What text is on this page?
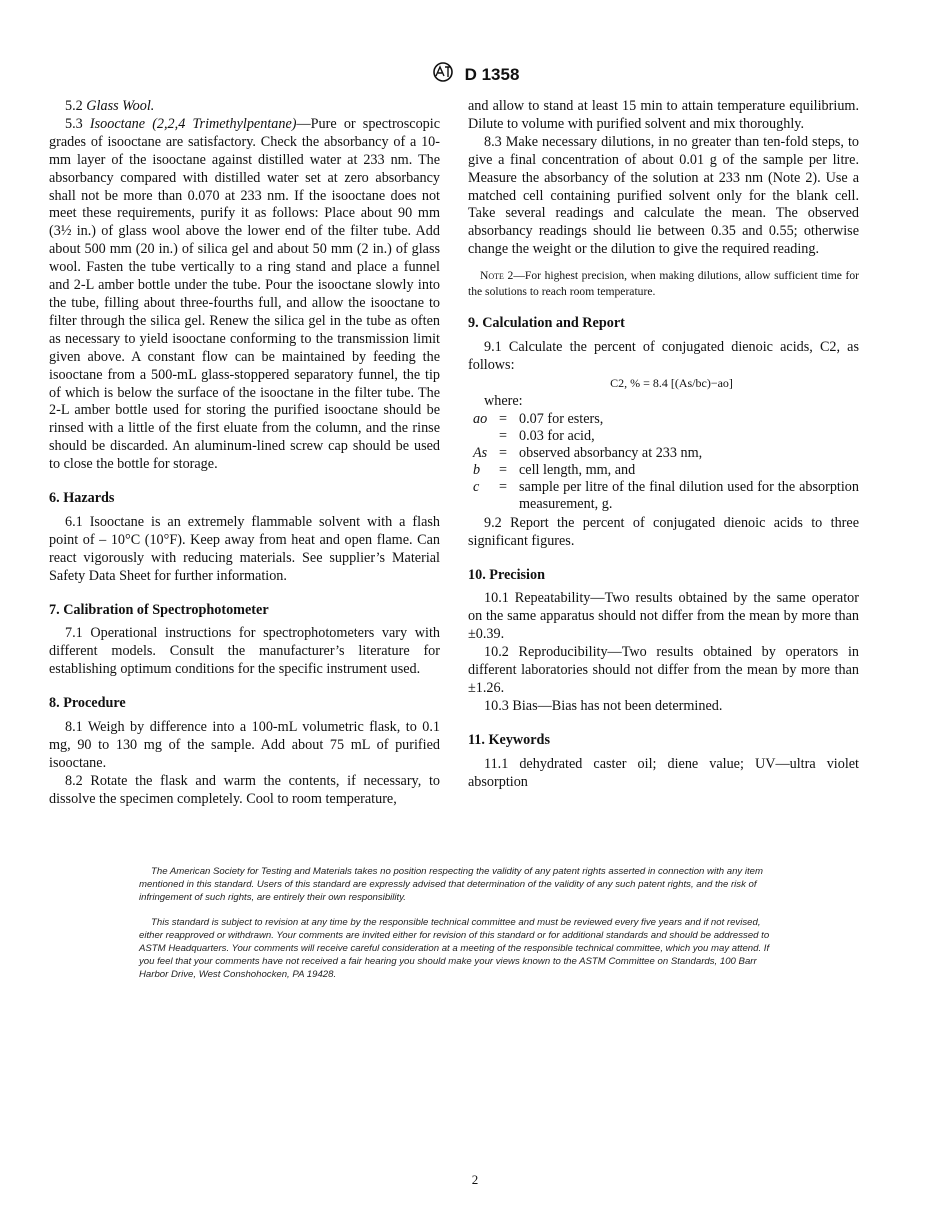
D 1358

5.2 Glass Wool.

5.3 Isooctane (2,2,4 Trimethylpentane)—Pure or spectroscopic grades of isooctane are satisfactory. Check the absorbancy of a 10-mm layer of the isooctane against distilled water at 233 nm. The absorbancy compared with distilled water set at zero absorbancy shall not be more than 0.070 at 233 nm. If the isooctane does not meet these requirements, purify it as follows: Place about 90 mm (3½ in.) of glass wool above the lower end of the filter tube. Add about 500 mm (20 in.) of silica gel and about 50 mm (2 in.) of glass wool. Fasten the tube vertically to a ring stand and place a funnel and 2-L amber bottle under the tube. Pour the isooctane slowly into the tube, filling about three-fourths full, and allow the isooctane to filter through the silica gel. Renew the silica gel in the tube as often as necessary to yield isooctane conforming to the transmission limit given above. A constant flow can be maintained by feeding the isooctane from a 500-mL glass-stoppered separatory funnel, the tip of which is below the surface of the isooctane in the filter tube. The 2-L amber bottle used for storing the purified isooctane should be rinsed with a little of the first eluate from the column, and the rinse should be discarded. An aluminum-lined screw cap should be used to close the bottle for storage.

6. Hazards

6.1 Isooctane is an extremely flammable solvent with a flash point of – 10°C (10°F). Keep away from heat and open flame. Can react vigorously with reducing materials. See supplier’s Material Safety Data Sheet for further information.

7. Calibration of Spectrophotometer

7.1 Operational instructions for spectrophotometers vary with different models. Consult the manufacturer’s literature for establishing optimum conditions for the specific instrument used.

8. Procedure

8.1 Weigh by difference into a 100-mL volumetric flask, to 0.1 mg, 90 to 130 mg of the sample. Add about 75 mL of purified isooctane.

8.2 Rotate the flask and warm the contents, if necessary, to dissolve the specimen completely. Cool to room temperature,

and allow to stand at least 15 min to attain temperature equilibrium. Dilute to volume with purified solvent and mix thoroughly.

8.3 Make necessary dilutions, in no greater than ten-fold steps, to give a final concentration of about 0.01 g of the sample per litre. Measure the absorbancy of the solution at 233 nm (Note 2). Use a matched cell containing purified solvent only for the blank cell. Take several readings and calculate the mean. The observed absorbancy readings should lie between 0.35 and 0.55; otherwise change the weight or the dilution to give the required reading.

Note 2—For highest precision, when making dilutions, allow sufficient time for the solutions to reach room temperature.

9. Calculation and Report

9.1 Calculate the percent of conjugated dienoic acids, C2, as follows:

C2, % = 8.4 [(As/bc)−ao]

where:

ao	=	0.07 for esters,
	=	0.03 for acid,
As	=	observed absorbancy at 233 nm,
b	=	cell length, mm, and
c	=	sample per litre of the final dilution used for the absorption measurement, g.

9.2 Report the percent of conjugated dienoic acids to three significant figures.

10. Precision

10.1 Repeatability—Two results obtained by the same operator on the same apparatus should not differ from the mean by more than ±0.39.

10.2 Reproducibility—Two results obtained by operators in different laboratories should not differ from the mean by more than ±1.26.

10.3 Bias—Bias has not been determined.

11. Keywords

11.1 dehydrated caster oil; diene value; UV—ultra violet absorption

The American Society for Testing and Materials takes no position respecting the validity of any patent rights asserted in connection with any item mentioned in this standard. Users of this standard are expressly advised that determination of the validity of any such patent rights, and the risk of infringement of such rights, are entirely their own responsibility.

This standard is subject to revision at any time by the responsible technical committee and must be reviewed every five years and if not revised, either reapproved or withdrawn. Your comments are invited either for revision of this standard or for additional standards and should be addressed to ASTM Headquarters. Your comments will receive careful consideration at a meeting of the responsible technical committee, which you may attend. If you feel that your comments have not received a fair hearing you should make your views known to the ASTM Committee on Standards, 100 Barr Harbor Drive, West Conshohocken, PA 19428.

2
